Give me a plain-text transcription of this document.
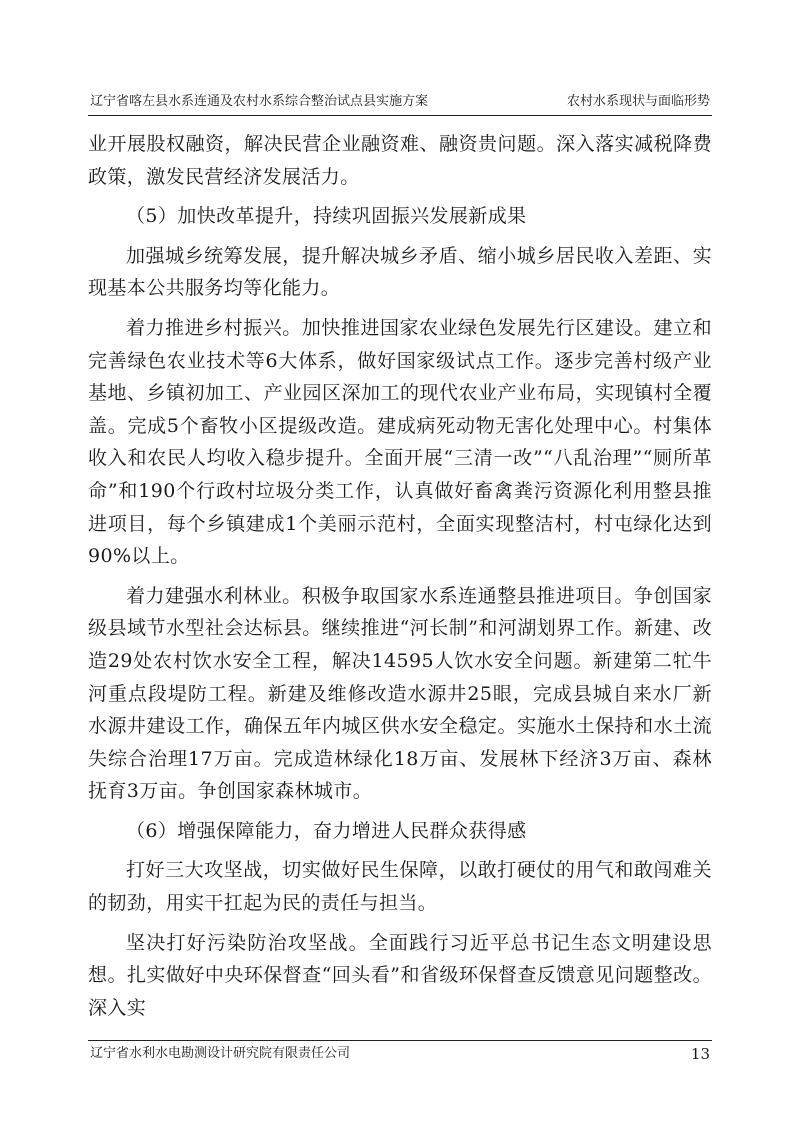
辽宁省喀左县水系连通及农村水系综合整治试点县实施方案	农村水系现状与面临形势

业开展股权融资，解决民营企业融资难、融资贵问题。深入落实减税降费政策，激发民营经济发展活力。

（5）加快改革提升，持续巩固振兴发展新成果

加强城乡统筹发展，提升解决城乡矛盾、缩小城乡居民收入差距、实现基本公共服务均等化能力。

着力推进乡村振兴。加快推进国家农业绿色发展先行区建设。建立和完善绿色农业技术等6大体系，做好国家级试点工作。逐步完善村级产业基地、乡镇初加工、产业园区深加工的现代农业产业布局，实现镇村全覆盖。完成5个畜牧小区提级改造。建成病死动物无害化处理中心。村集体收入和农民人均收入稳步提升。全面开展“三清一改”“八乱治理”“厕所革命”和190个行政村垃圾分类工作，认真做好畜禽粪污资源化利用整县推进项目，每个乡镇建成1个美丽示范村，全面实现整洁村，村屯绿化达到90%以上。

着力建强水利林业。积极争取国家水系连通整县推进项目。争创国家级县域节水型社会达标县。继续推进“河长制”和河湖划界工作。新建、改造29处农村饮水安全工程，解决14595人饮水安全问题。新建第二牤牛河重点段堤防工程。新建及维修改造水源井25眼，完成县城自来水厂新水源井建设工作，确保五年内城区供水安全稳定。实施水土保持和水土流失综合治理17万亩。完成造林绿化18万亩、发展林下经济3万亩、森林抚育3万亩。争创国家森林城市。

（6）增强保障能力，奋力增进人民群众获得感

打好三大攻坚战，切实做好民生保障，以敢打硬仗的用气和敢闯难关的韧劲，用实干扛起为民的责任与担当。

坚决打好污染防治攻坚战。全面践行习近平总书记生态文明建设思想。扎实做好中央环保督查“回头看”和省级环保督查反馈意见问题整改。深入实

辽宁省水利水电勘测设计研究院有限责任公司	13
